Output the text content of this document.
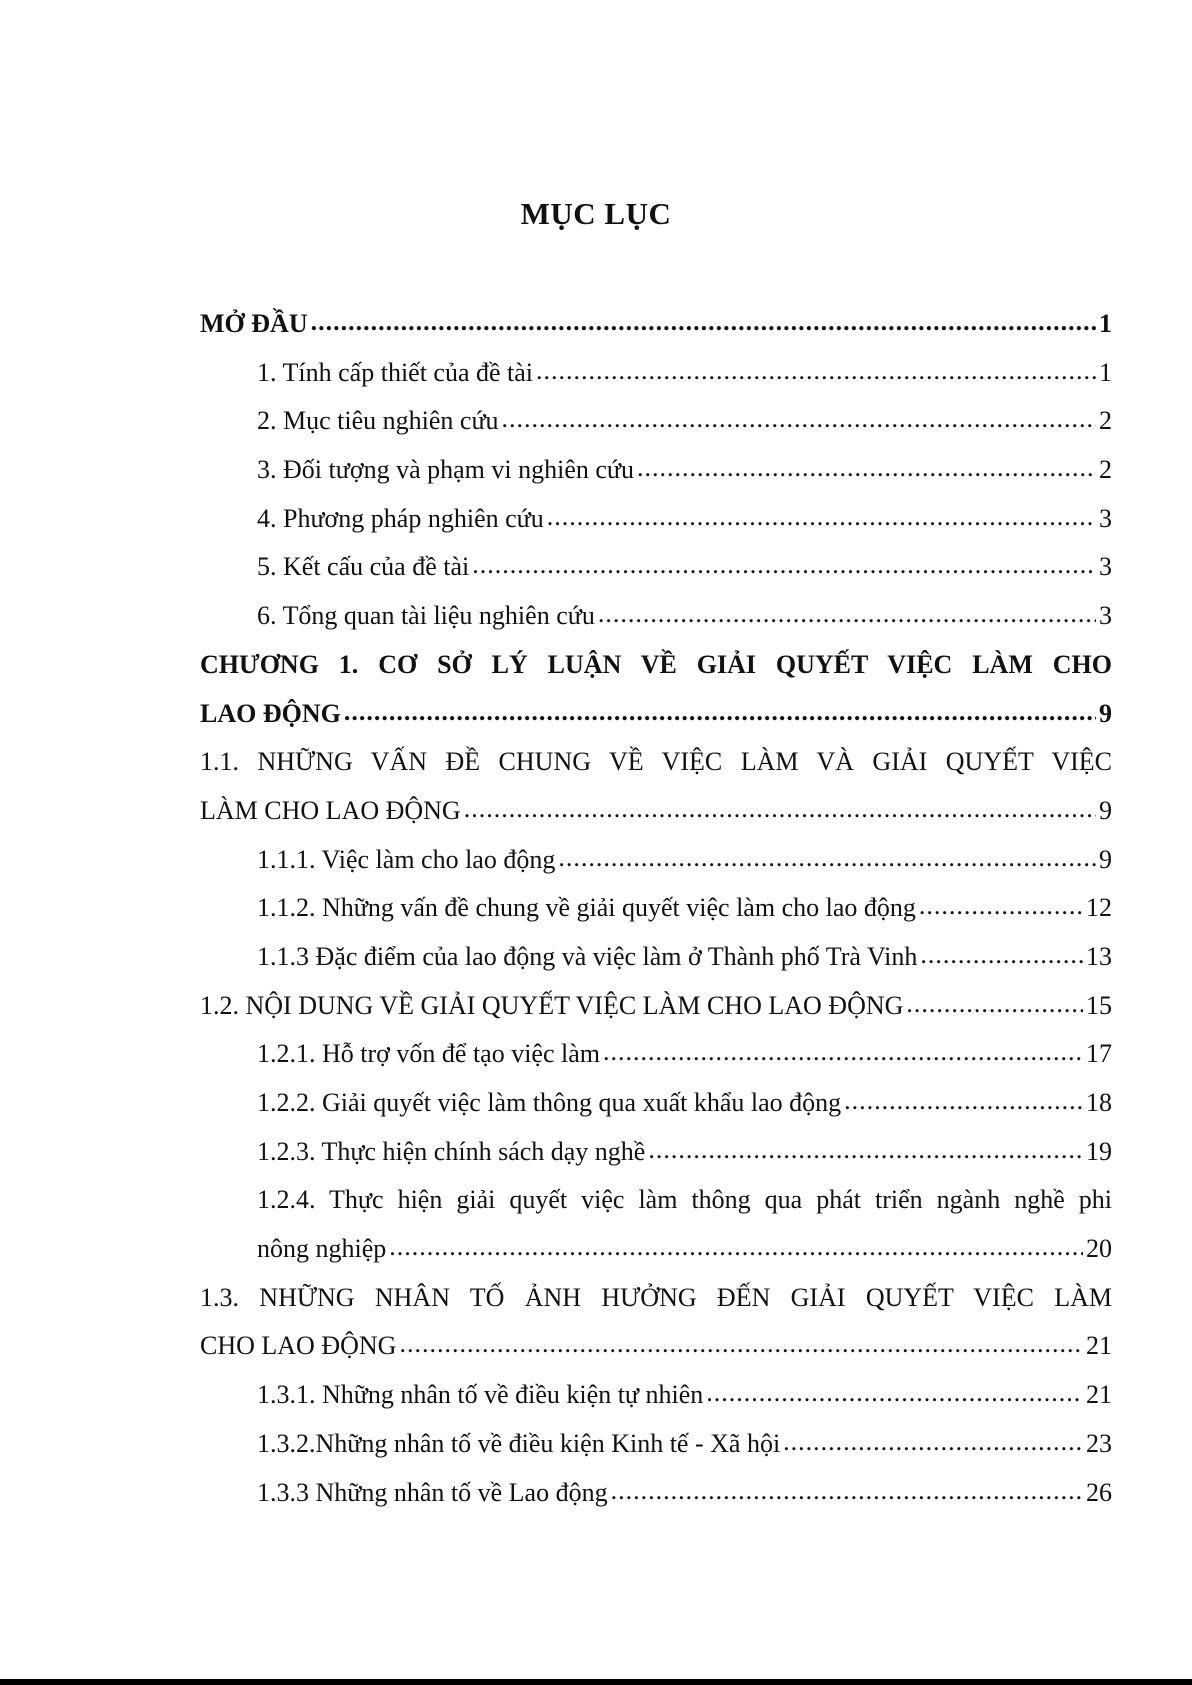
MỤC LỤC
MỞ ĐẦU .....	1
1. Tính cấp thiết của đề tài .....	1
2. Mục tiêu nghiên cứu .....	2
3. Đối tượng và phạm vi nghiên cứu .....	2
4. Phương pháp nghiên cứu .....	3
5. Kết cấu của đề tài .....	3
6. Tổng quan tài liệu nghiên cứu .....	3
CHƯƠNG 1. CƠ SỞ LÝ LUẬN VỀ GIẢI QUYẾT VIỆC LÀM CHO
LAO ĐỘNG .....	9
1.1. NHỮNG VẤN ĐỀ CHUNG VỀ VIỆC LÀM VÀ GIẢI QUYẾT VIỆC
LÀM CHO LAO ĐỘNG .....	9
1.1.1. Việc làm cho lao động .....	9
1.1.2. Những vấn đề chung về giải quyết việc làm cho lao động .....	12
1.1.3 Đặc điểm của lao động và việc làm ở Thành phố Trà Vinh .....	13
1.2. NỘI DUNG VỀ GIẢI QUYẾT VIỆC LÀM CHO LAO ĐỘNG .....	15
1.2.1. Hỗ trợ vốn để tạo việc làm .....	17
1.2.2. Giải quyết việc làm thông qua xuất khẩu lao động .....	18
1.2.3. Thực hiện chính sách dạy nghề .....	19
1.2.4. Thực hiện giải quyết việc làm thông qua phát triển ngành nghề phi
nông nghiệp .....	20
1.3. NHỮNG NHÂN TỐ ẢNH HƯỞNG ĐẾN GIẢI QUYẾT VIỆC LÀM
CHO LAO ĐỘNG .....	21
1.3.1. Những nhân tố về điều kiện tự nhiên .....	21
1.3.2.Những nhân tố về điều kiện Kinh tế - Xã hội .....	23
1.3.3 Những nhân tố về Lao động .....	26
